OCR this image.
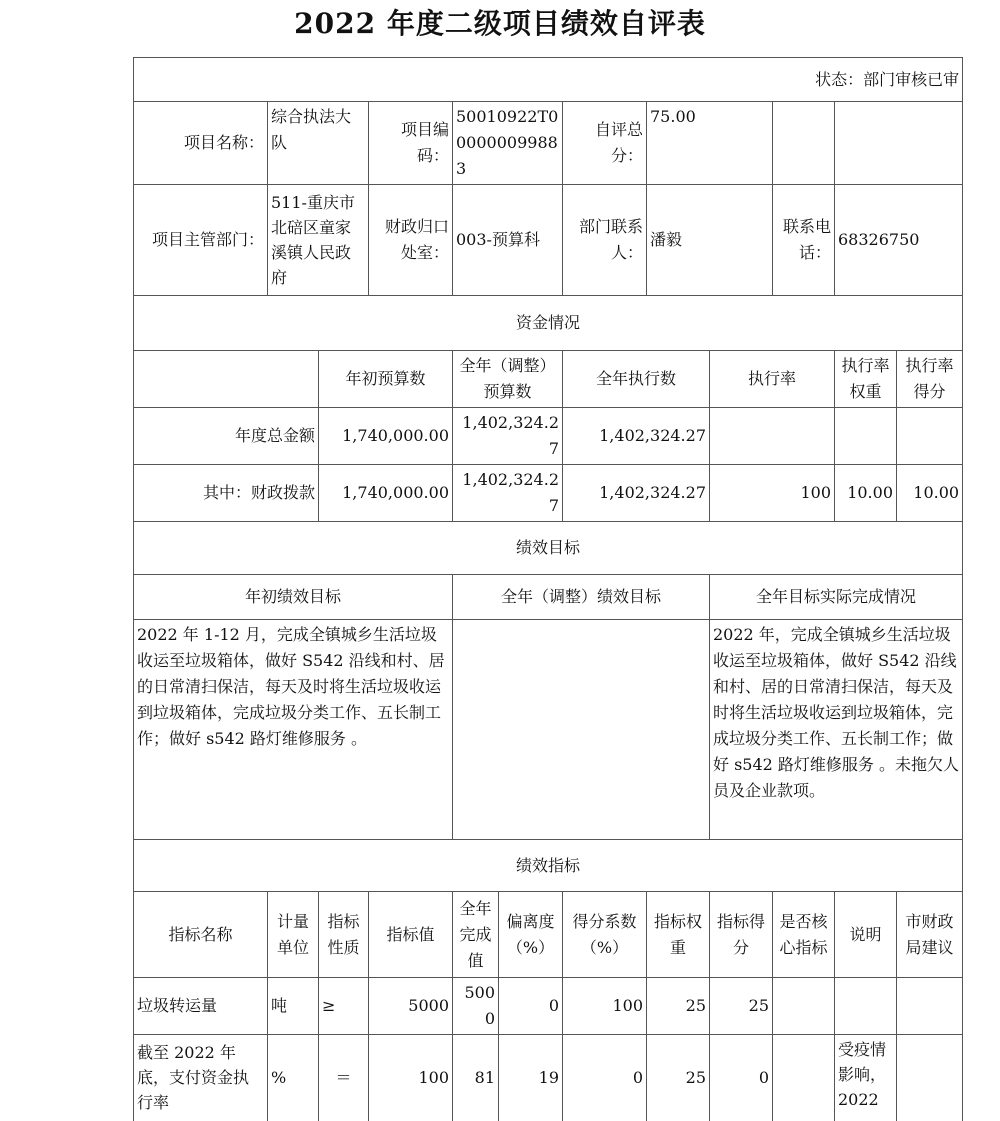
2022 年度二级项目绩效自评表
状态：部门审核已审											
项目名称：	综合执法大队		项目编码：	50010922T000000099883		自评总分：	75.00				
项目主管部门：	511-重庆市北碚区童家溪镇人民政府		财政归口处室：	003-预算科		部门联系人：	潘毅		联系电话：	68326750	
资金情况											
		年初预算数		全年（调整）预算数		全年执行数		执行率		执行率权重	执行率得分
年度总金额		1,740,000.00		1,402,324.27		1,402,324.27					
其中：财政拨款		1,740,000.00		1,402,324.27		1,402,324.27		100		10.00	10.00
绩效目标											
年初绩效目标				全年（调整）绩效目标				全年目标实际完成情况			
2022 年 1-12 月，完成全镇城乡生活垃圾收运至垃圾箱体，做好 S542 沿线和村、居的日常清扫保洁，每天及时将生活垃圾收运到垃圾箱体，完成垃圾分类工作、五长制工作；做好 s542 路灯维修服务 。								2022 年，完成全镇城乡生活垃圾收运至垃圾箱体，做好 S542 沿线和村、居的日常清扫保洁，每天及时将生活垃圾收运到垃圾箱体，完成垃圾分类工作、五长制工作；做好 s542 路灯维修服务 。未拖欠人员及企业款项。			
绩效指标											
指标名称	计量单位	指标性质	指标值	全年完成值	偏离度（%）	得分系数（%）	指标权重	指标得分	是否核心指标	说明	市财政局建议
垃圾转运量	吨	≥	5000	5000	0	100	25	25			
截至 2022 年底，支付资金执行率	%	＝	100	81	19	0	25	0		受疫情影响，2022	
